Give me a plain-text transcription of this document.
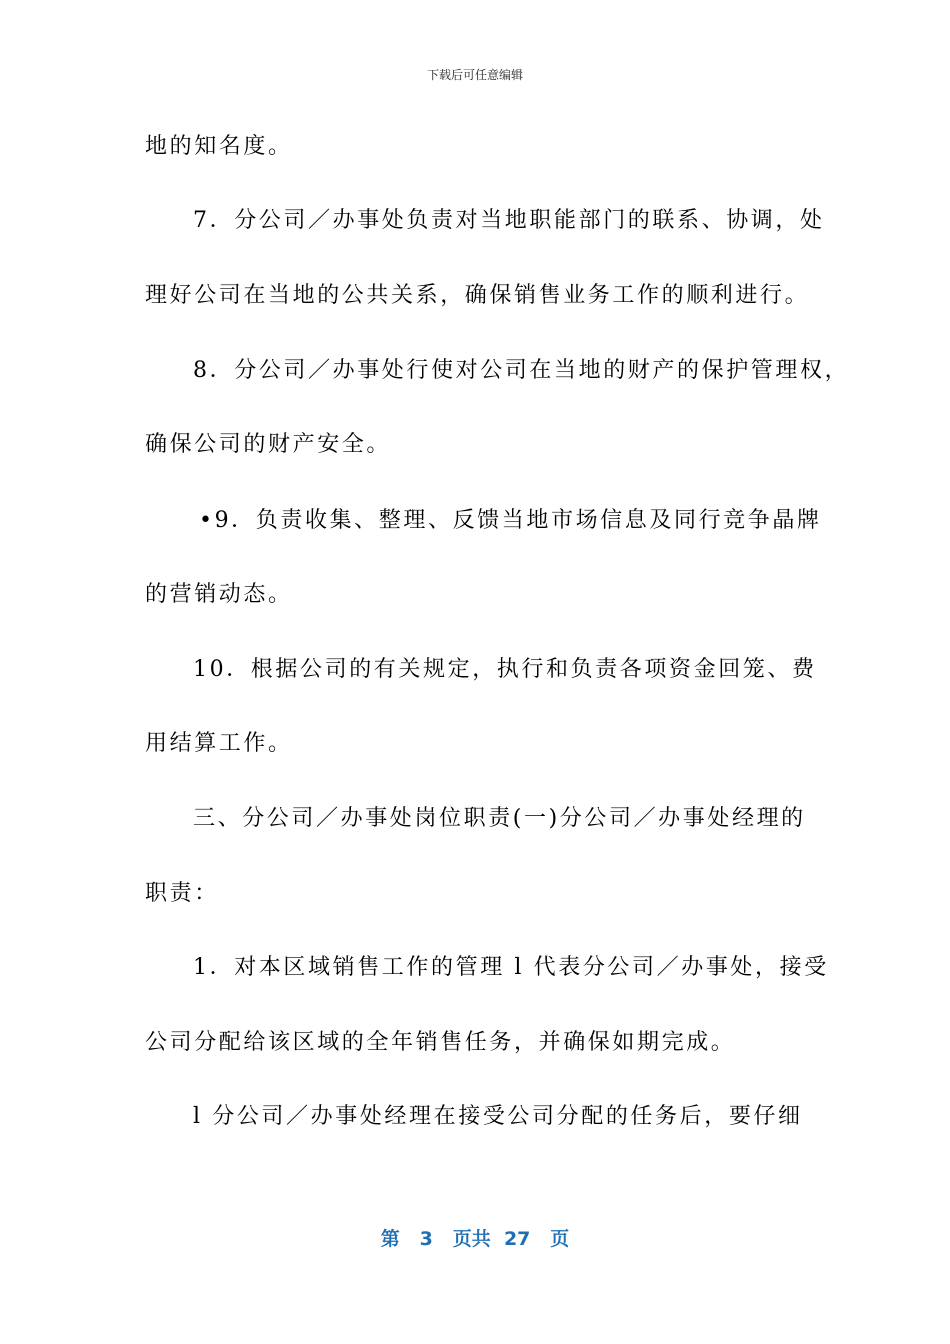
下载后可任意编辑
地的知名度。
7．分公司／办事处负责对当地职能部门的联系、协调，处
理好公司在当地的公共关系，确保销售业务工作的顺利进行。
8．分公司／办事处行使对公司在当地的财产的保护管理权，
确保公司的财产安全。
•9．负责收集、整理、反馈当地市场信息及同行竞争晶牌
的营销动态。
10．根据公司的有关规定，执行和负责各项资金回笼、费
用结算工作。
三、分公司／办事处岗位职责(一)分公司／办事处经理的
职责：
1．对本区域销售工作的管理 l 代表分公司／办事处，接受
公司分配给该区域的全年销售任务，并确保如期完成。
l 分公司／办事处经理在接受公司分配的任务后，要仔细
第 3 页共 27 页
